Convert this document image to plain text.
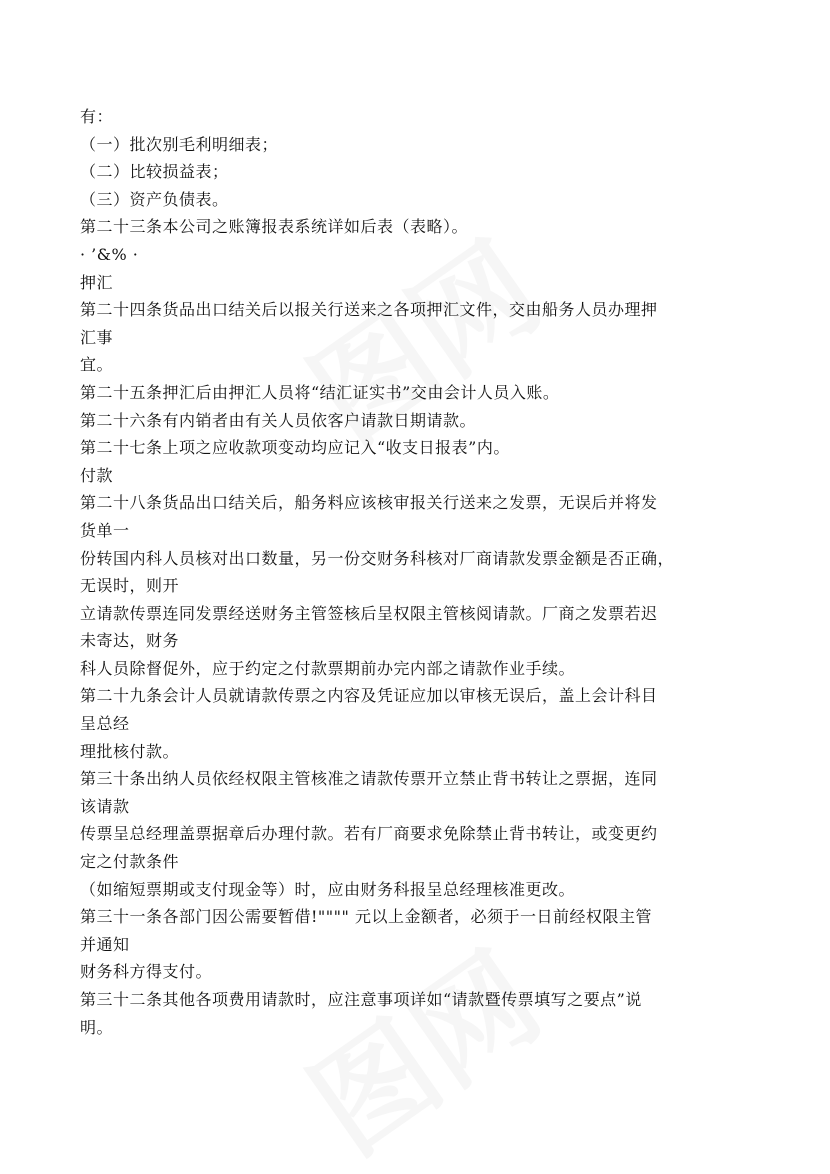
有：
（一）批次别毛利明细表；
（二）比较损益表；
（三）资产负债表。
第二十三条本公司之账簿报表系统详如后表（表略）。
· ’&% ·
押汇
第二十四条货品出口结关后以报关行送来之各项押汇文件，交由船务人员办理押
汇事
宜。
第二十五条押汇后由押汇人员将“结汇证实书”交由会计人员入账。
第二十六条有内销者由有关人员依客户请款日期请款。
第二十七条上项之应收款项变动均应记入“收支日报表”内。
付款
第二十八条货品出口结关后，船务料应该核审报关行送来之发票，无误后并将发
货单一
份转国内科人员核对出口数量，另一份交财务科核对厂商请款发票金额是否正确，
无误时，则开
立请款传票连同发票经送财务主管签核后呈权限主管核阅请款。厂商之发票若迟
未寄达，财务
科人员除督促外，应于约定之付款票期前办完内部之请款作业手续。
第二十九条会计人员就请款传票之内容及凭证应加以审核无误后，盖上会计科目
呈总经
理批核付款。
第三十条出纳人员依经权限主管核准之请款传票开立禁止背书转让之票据，连同
该请款
传票呈总经理盖票据章后办理付款。若有厂商要求免除禁止背书转让，或变更约
定之付款条件
（如缩短票期或支付现金等）时，应由财务科报呈总经理核准更改。
第三十一条各部门因公需要暂借!"""" 元以上金额者，必须于一日前经权限主管
并通知
财务科方得支付。
第三十二条其他各项费用请款时，应注意事项详如“请款暨传票填写之要点”说
明。
